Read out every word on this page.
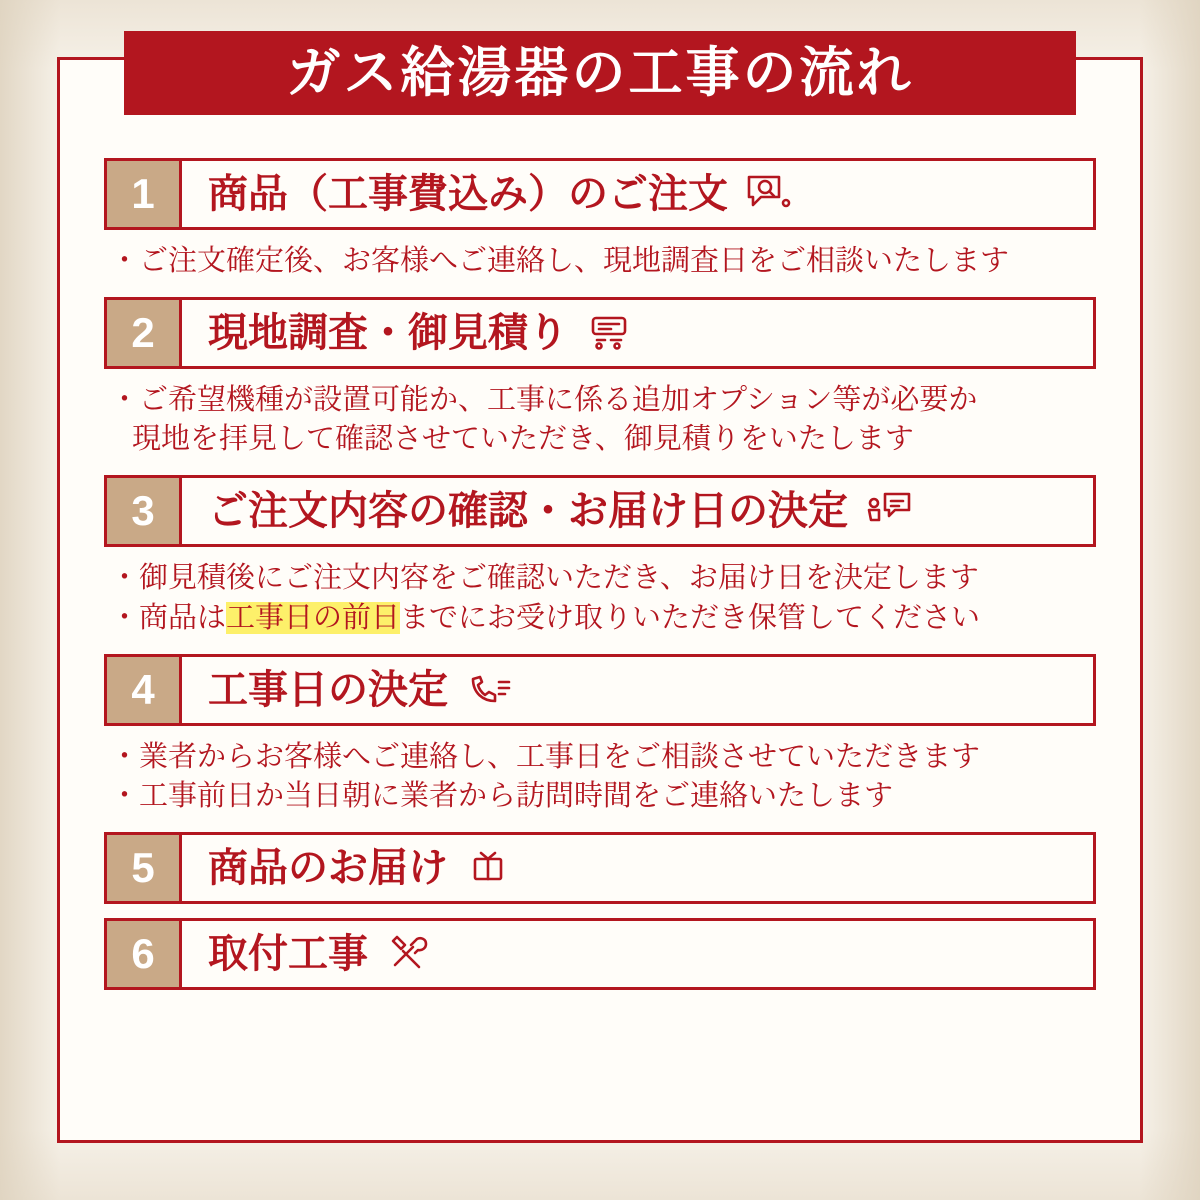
ガス給湯器の工事の流れ
1	商品（工事費込み）のご注文
・ご注文確定後、お客様へご連絡し、現地調査日をご相談いたします
2	現地調査・御見積り
・ご希望機種が設置可能か、工事に係る追加オプション等が必要か
現地を拝見して確認させていただき、御見積りをいたします
3	ご注文内容の確認・お届け日の決定
・御見積後にご注文内容をご確認いただき、お届け日を決定します
・商品は工事日の前日までにお受け取りいただき保管してください
4	工事日の決定
・業者からお客様へご連絡し、工事日をご相談させていただきます
・工事前日か当日朝に業者から訪問時間をご連絡いたします
5	商品のお届け
6	取付工事
